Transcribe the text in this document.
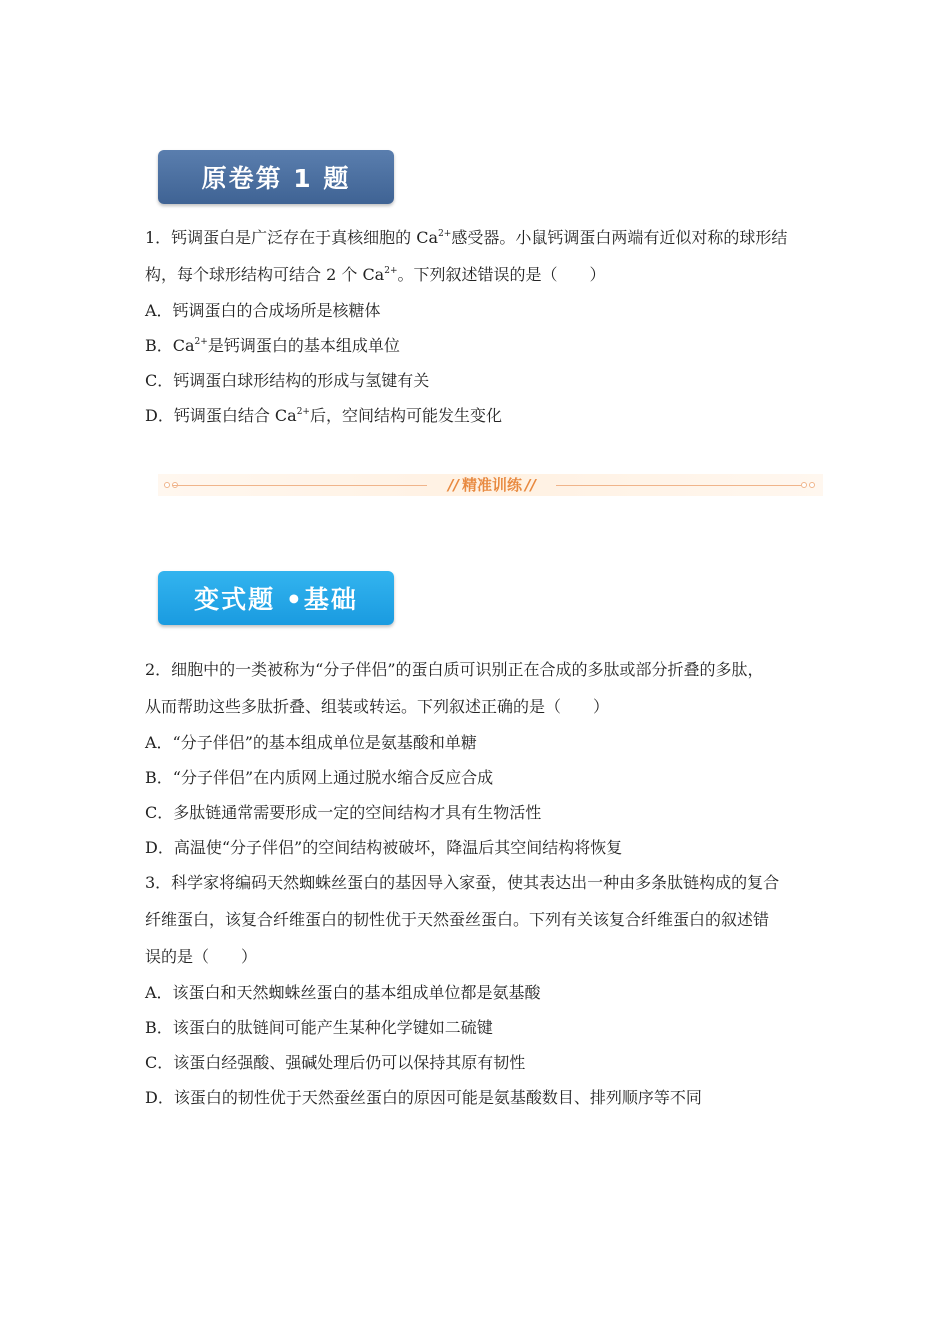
原卷第 1 题
1．钙调蛋白是广泛存在于真核细胞的 $Ca^{2+}$感受器。小鼠钙调蛋白两端有近似对称的球形结
构，每个球形结构可结合 2 个 $Ca^{2+}$。下列叙述错误的是（　　）
A．钙调蛋白的合成场所是核糖体
B．$Ca^{2+}$是钙调蛋白的基本组成单位
C．钙调蛋白球形结构的形成与氢键有关
D．钙调蛋白结合 $Ca^{2+}$后，空间结构可能发生变化
// 精准训练 //
变式题 •基础
2．细胞中的一类被称为“分子伴侣”的蛋白质可识别正在合成的多肽或部分折叠的多肽，
从而帮助这些多肽折叠、组装或转运。下列叙述正确的是（　　）
A．“分子伴侣”的基本组成单位是氨基酸和单糖
B．“分子伴侣”在内质网上通过脱水缩合反应合成
C．多肽链通常需要形成一定的空间结构才具有生物活性
D．高温使“分子伴侣”的空间结构被破坏，降温后其空间结构将恢复
3．科学家将编码天然蜘蛛丝蛋白的基因导入家蚕，使其表达出一种由多条肽链构成的复合
纤维蛋白，该复合纤维蛋白的韧性优于天然蚕丝蛋白。下列有关该复合纤维蛋白的叙述错
误的是（　　）
A．该蛋白和天然蜘蛛丝蛋白的基本组成单位都是氨基酸
B．该蛋白的肽链间可能产生某种化学键如二硫键
C．该蛋白经强酸、强碱处理后仍可以保持其原有韧性
D．该蛋白的韧性优于天然蚕丝蛋白的原因可能是氨基酸数目、排列顺序等不同
